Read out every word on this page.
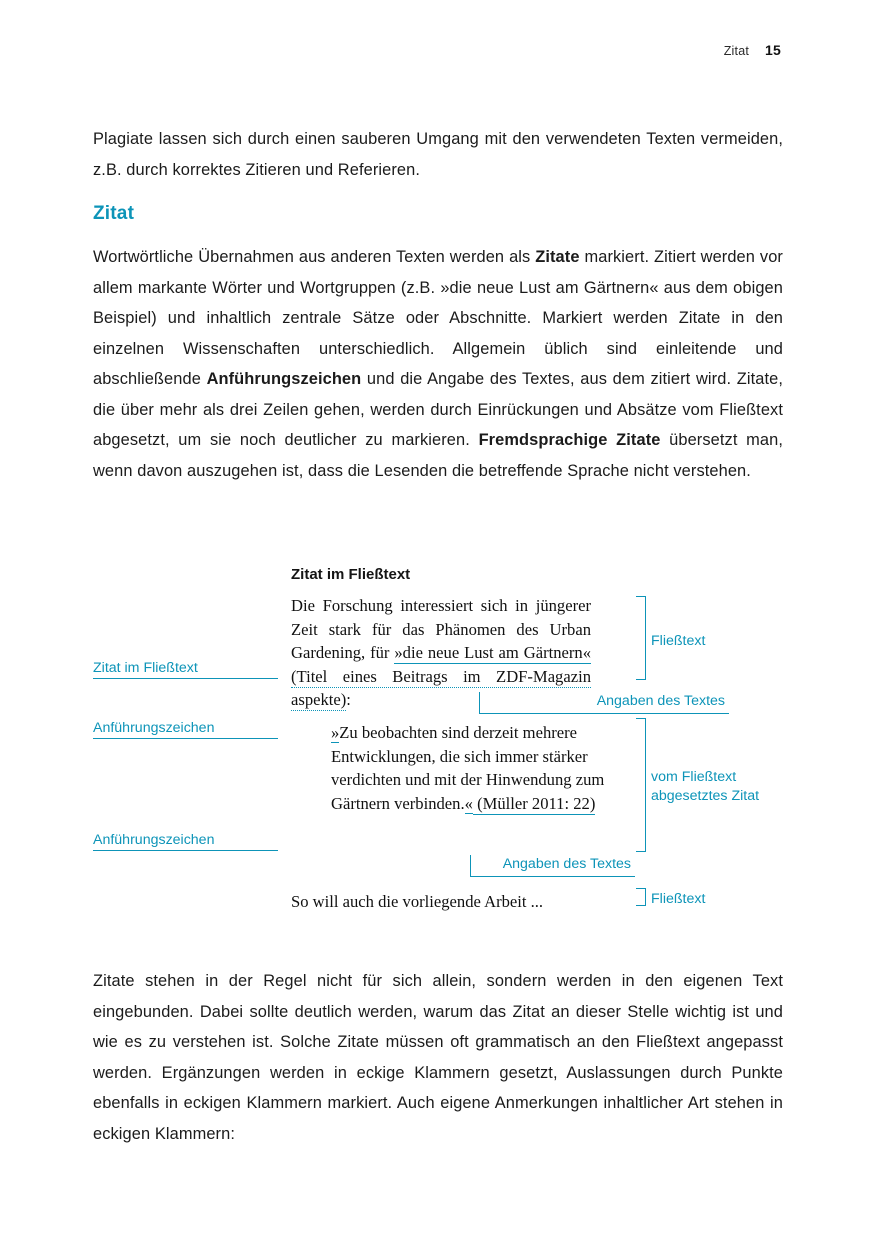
Zitat 15

Plagiate lassen sich durch einen sauberen Umgang mit den verwendeten Texten vermeiden, z.B. durch korrektes Zitieren und Referieren.

Zitat

Wortwörtliche Übernahmen aus anderen Texten werden als Zitate markiert. Zitiert werden vor allem markante Wörter und Wortgruppen (z.B. »die neue Lust am Gärtnern« aus dem obigen Beispiel) und inhaltlich zentrale Sätze oder Abschnitte. Markiert werden Zitate in den einzelnen Wissenschaften unterschiedlich. Allgemein üblich sind einleitende und abschließende Anführungszeichen und die Angabe des Textes, aus dem zitiert wird. Zitate, die über mehr als drei Zeilen gehen, werden durch Einrückungen und Absätze vom Fließtext abgesetzt, um sie noch deutlicher zu markieren. Fremdsprachige Zitate übersetzt man, wenn davon auszugehen ist, dass die Lesenden die betreffende Sprache nicht verstehen.

Zitat im Fließtext
Die Forschung interessiert sich in jüngerer Zeit stark für das Phänomen des Urban Gardening, für »die neue Lust am Gärtnern« (Titel eines Beitrags im ZDF-Magazin aspekte):
»Zu beobachten sind derzeit mehrere Entwicklungen, die sich immer stärker verdichten und mit der Hinwendung zum Gärtnern verbinden.« (Müller 2011: 22)
So will auch die vorliegende Arbeit ...
Zitat im Fließtext
Anführungszeichen
Anführungszeichen
Fließtext
vom Fließtext abgesetztes Zitat
Fließtext
Angaben des Textes
Angaben des Textes

Zitate stehen in der Regel nicht für sich allein, sondern werden in den eigenen Text eingebunden. Dabei sollte deutlich werden, warum das Zitat an dieser Stelle wichtig ist und wie es zu verstehen ist. Solche Zitate müssen oft grammatisch an den Fließtext angepasst werden. Ergänzungen werden in eckige Klammern gesetzt, Auslassungen durch Punkte ebenfalls in eckigen Klammern markiert. Auch eigene Anmerkungen inhaltlicher Art stehen in eckigen Klammern:
